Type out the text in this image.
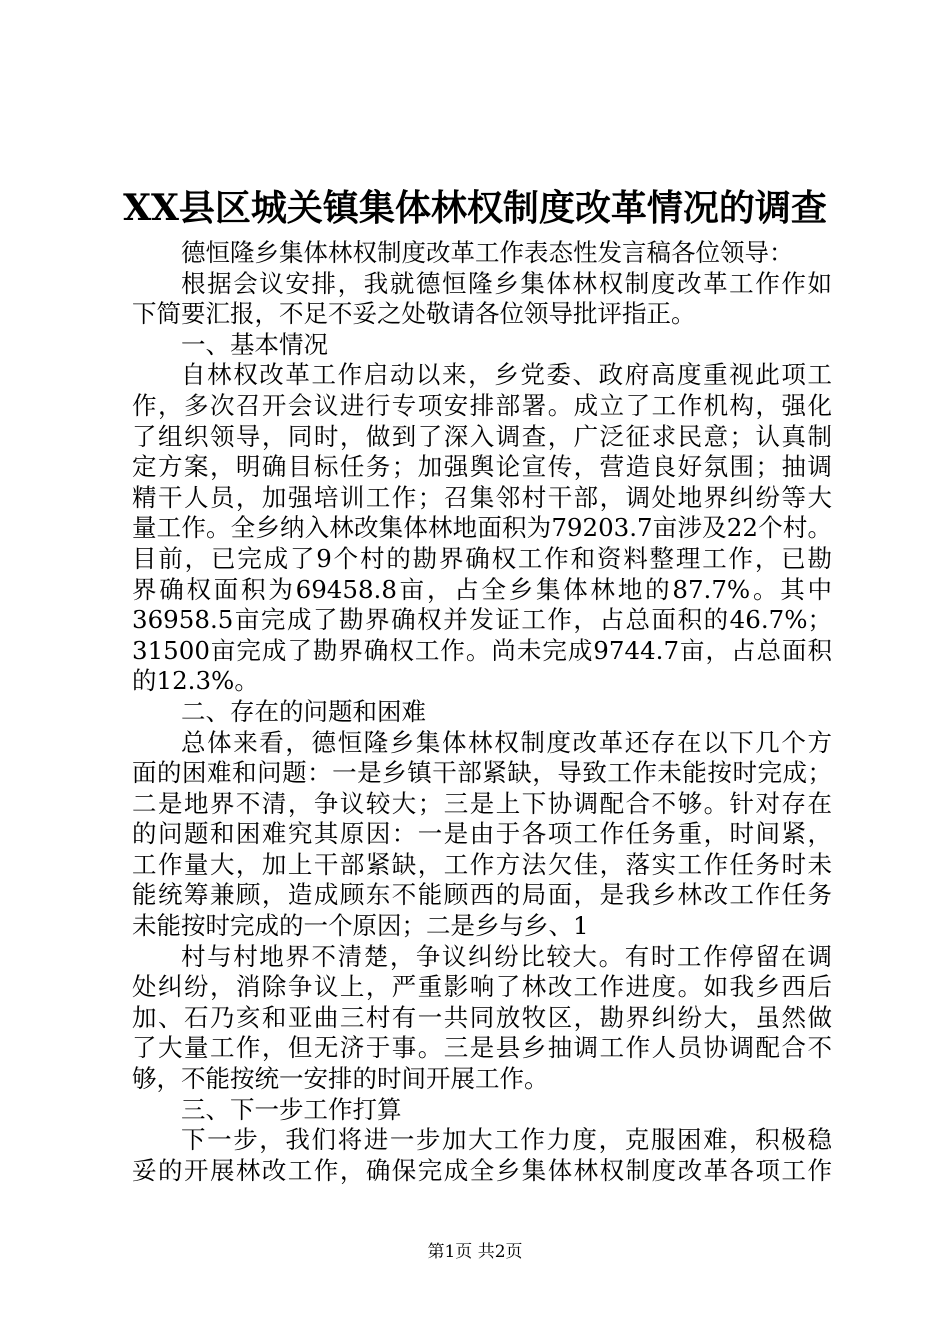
XX县区城关镇集体林权制度改革情况的调查
德恒隆乡集体林权制度改革工作表态性发言稿各位领导：
根据会议安排，我就德恒隆乡集体林权制度改革工作作如
下简要汇报，不足不妥之处敬请各位领导批评指正。
一、基本情况
自林权改革工作启动以来，乡党委、政府高度重视此项工
作，多次召开会议进行专项安排部署。成立了工作机构，强化
了组织领导，同时，做到了深入调查，广泛征求民意；认真制
定方案，明确目标任务；加强舆论宣传，营造良好氛围；抽调
精干人员，加强培训工作；召集邻村干部，调处地界纠纷等大
量工作。全乡纳入林改集体林地面积为79203.7亩涉及22个村。
目前，已完成了9个村的勘界确权工作和资料整理工作，已勘
界确权面积为69458.8亩，占全乡集体林地的87.7%。其中
36958.5亩完成了勘界确权并发证工作，占总面积的46.7%；
31500亩完成了勘界确权工作。尚未完成9744.7亩，占总面积
的12.3%。
二、存在的问题和困难
总体来看，德恒隆乡集体林权制度改革还存在以下几个方
面的困难和问题：一是乡镇干部紧缺，导致工作未能按时完成；
二是地界不清，争议较大；三是上下协调配合不够。针对存在
的问题和困难究其原因：一是由于各项工作任务重，时间紧，
工作量大，加上干部紧缺，工作方法欠佳，落实工作任务时未
能统筹兼顾，造成顾东不能顾西的局面，是我乡林改工作任务
未能按时完成的一个原因；二是乡与乡、1
村与村地界不清楚，争议纠纷比较大。有时工作停留在调
处纠纷，消除争议上，严重影响了林改工作进度。如我乡西后
加、石乃亥和亚曲三村有一共同放牧区，勘界纠纷大，虽然做
了大量工作，但无济于事。三是县乡抽调工作人员协调配合不
够，不能按统一安排的时间开展工作。
三、下一步工作打算
下一步，我们将进一步加大工作力度，克服困难，积极稳
妥的开展林改工作，确保完成全乡集体林权制度改革各项工作
第1页 共2页
